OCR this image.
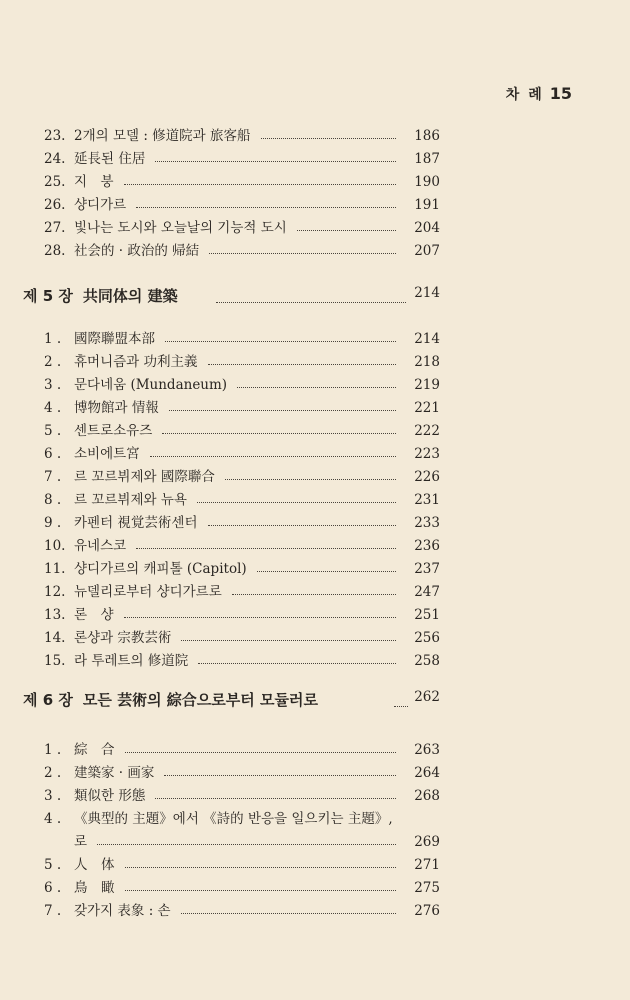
차 례 15
23. 2개의 모델 : 修道院과 旅客船	186
24. 延長된 住居	187
25. 지　붕	190
26. 샹디가르	191
27. 빛나는 도시와 오늘날의 기능적 도시	204
28. 社会的 · 政治的 帰結	207
제 5 장 共同体의 建築	214
1 . 國際聯盟本部	214
2 . 휴머니즘과 功利主義	218
3 . 문다네움 (Mundaneum)	219
4 . 博物館과 情報	221
5 . 센트로소유즈	222
6 . 소비에트宮	223
7 . 르 꼬르뷔제와 國際聯合	226
8 . 르 꼬르뷔제와 뉴욕	231
9 . 카펜터 視覚芸術센터	233
10. 유네스코	236
11. 샹디가르의 캐피톨 (Capitol)	237
12. 뉴델리로부터 샹디가르로	247
13. 론　샹	251
14. 론샹과 宗教芸術	256
15. 라 투레트의 修道院	258
제 6 장 모든 芸術의 綜合으로부터 모듈러로	262
1 . 綜　合	263
2 . 建築家 · 画家	264
3 . 類似한 形態	268
4 . 《典型的 主題》에서 《詩的 반응을 일으키는 主題》,
로	269
5 . 人　体	271
6 . 鳥　瞰	275
7 . 갖가지 表象 : 손	276
